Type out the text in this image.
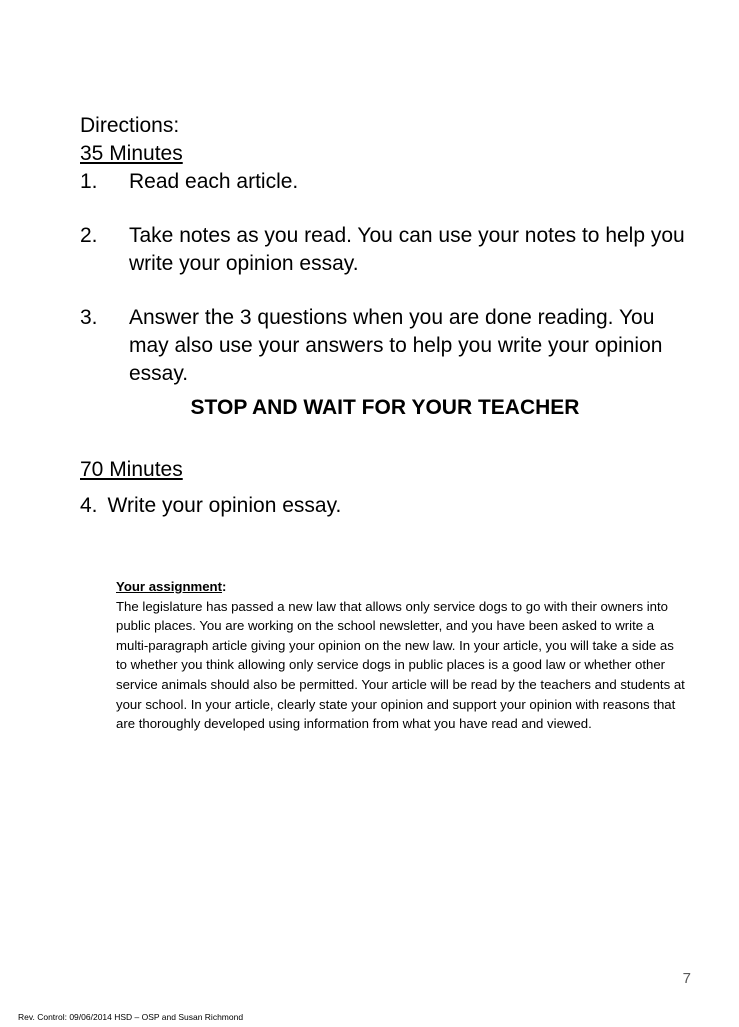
Directions:

35 Minutes

1.	Read each article.
2.	Take notes as you read. You can use your notes to help you write your opinion essay.
3.	Answer the 3 questions when you are done reading. You may also use your answers to help you write your opinion essay.

STOP AND WAIT FOR YOUR TEACHER

70 Minutes

4. Write your opinion essay.

Your assignment:
The legislature has passed a new law that allows only service dogs to go with their owners into public places. You are working on the school newsletter, and you have been asked to write a multi-paragraph article giving your opinion on the new law. In your article, you will take a side as to whether you think allowing only service dogs in public places is a good law or whether other service animals should also be permitted. Your article will be read by the teachers and students at your school. In your article, clearly state your opinion and support your opinion with reasons that are thoroughly developed using information from what you have read and viewed.
7
Rev. Control: 09/06/2014 HSD – OSP and Susan Richmond
